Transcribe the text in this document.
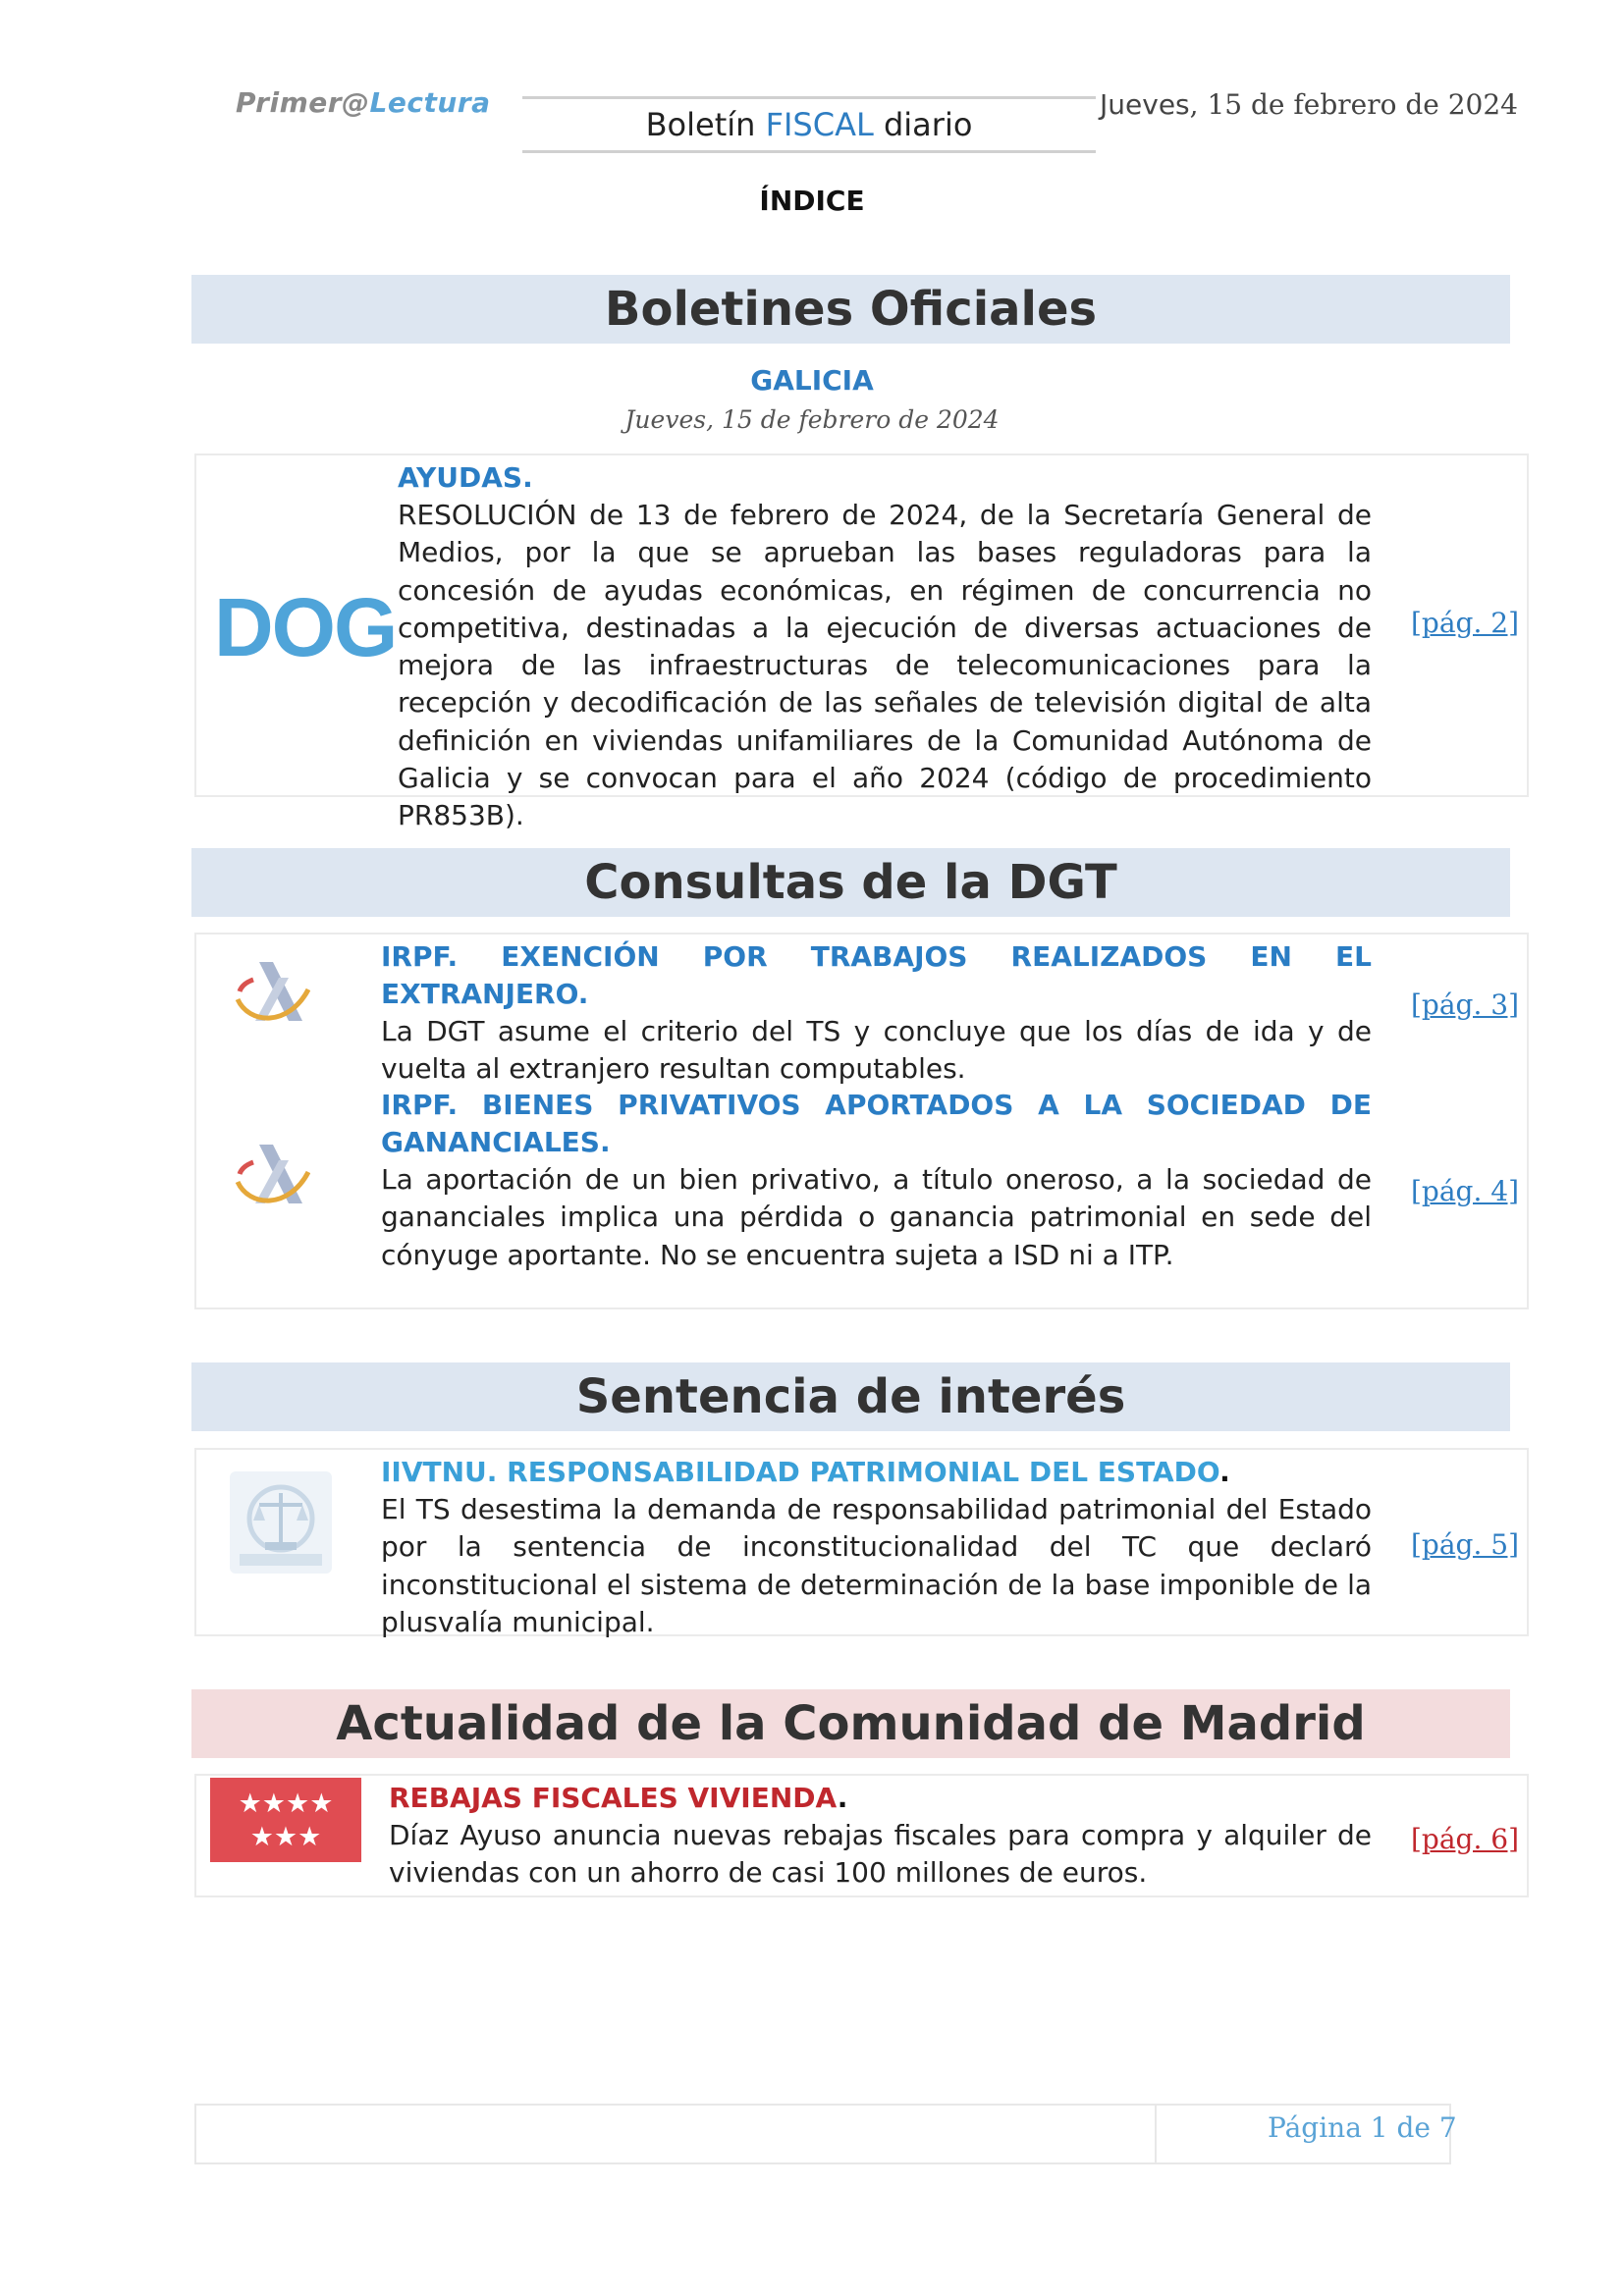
Primer@Lectura
Boletín FISCAL diario
Jueves, 15 de febrero de 2024
ÍNDICE
Boletines Oficiales
GALICIA
Jueves, 15 de febrero de 2024
DOG
AYUDAS.
RESOLUCIÓN de 13 de febrero de 2024, de la Secretaría General de Medios, por la que se aprueban las bases reguladoras para la concesión de ayudas económicas, en régimen de concurrencia no competitiva, destinadas a la ejecución de diversas actuaciones de mejora de las infraestructuras de telecomunicaciones para la recepción y decodificación de las señales de televisión digital de alta definición en viviendas unifamiliares de la Comunidad Autónoma de Galicia y se convocan para el año 2024 (código de procedimiento PR853B).
[pág. 2]
Consultas de la DGT
IRPF. EXENCIÓN POR TRABAJOS REALIZADOS EN EL EXTRANJERO.
La DGT asume el criterio del TS y concluye que los días de ida y de vuelta al extranjero resultan computables.
[pág. 3]
IRPF. BIENES PRIVATIVOS APORTADOS A LA SOCIEDAD DE GANANCIALES.
La aportación de un bien privativo, a título oneroso, a la sociedad de gananciales implica una pérdida o ganancia patrimonial en sede del cónyuge aportante. No se encuentra sujeta a ISD ni a ITP.
[pág. 4]
Sentencia de interés
IIVTNU. RESPONSABILIDAD PATRIMONIAL DEL ESTADO.
El TS desestima la demanda de responsabilidad patrimonial del Estado por la sentencia de inconstitucionalidad del TC que declaró inconstitucional el sistema de determinación de la base imponible de la plusvalía municipal.
[pág. 5]
Actualidad de la Comunidad de Madrid
★★★★
★★★
REBAJAS FISCALES VIVIENDA.
Díaz Ayuso anuncia nuevas rebajas fiscales para compra y alquiler de viviendas con un ahorro de casi 100 millones de euros.
[pág. 6]
Página 1 de 7
